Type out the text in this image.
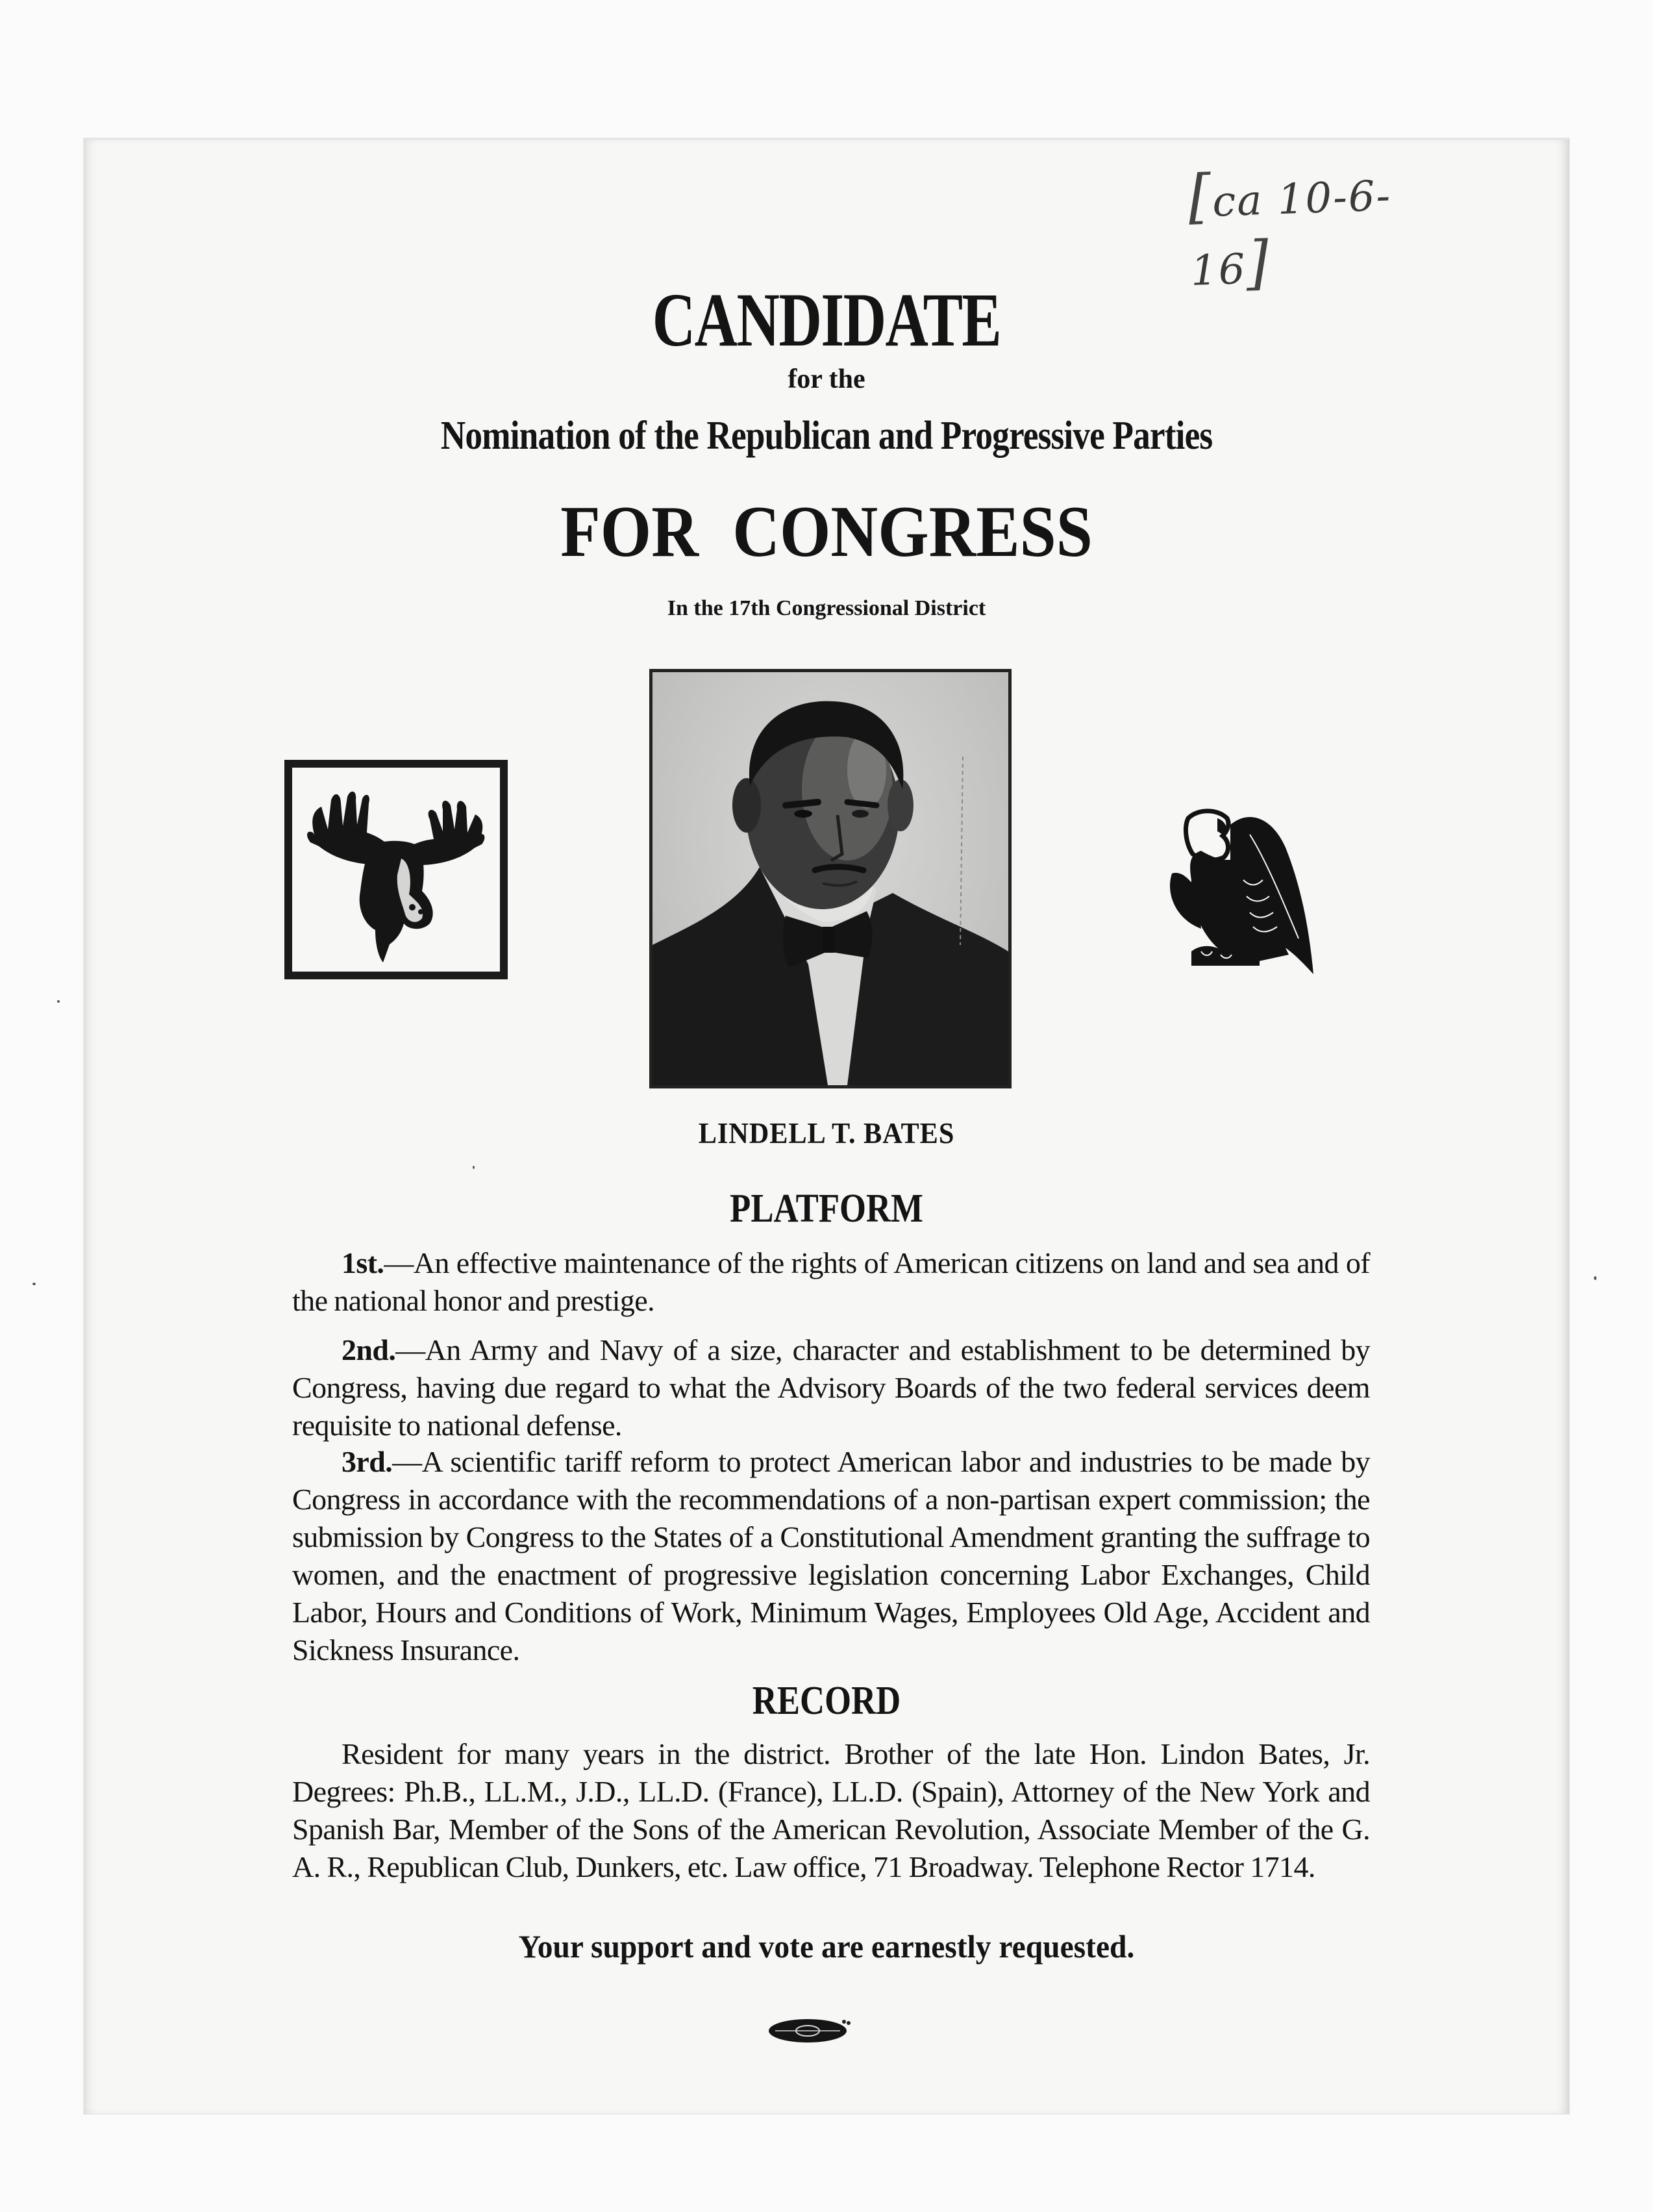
[ca 10-6-16]
CANDIDATE
for the
Nomination of the Republican and Progressive Parties
FOR CONGRESS
In the 17th Congressional District
LINDELL T. BATES
PLATFORM
1st.—An effective maintenance of the rights of American citizens on land and sea and of the national honor and prestige.
2nd.—An Army and Navy of a size, character and establishment to be determined by Congress, having due regard to what the Advisory Boards of the two federal services deem requisite to national defense.
3rd.—A scientific tariff reform to protect American labor and industries to be made by Congress in accordance with the recommendations of a non-partisan expert commission; the submission by Congress to the States of a Constitutional Amendment granting the suffrage to women, and the enactment of progressive legislation concerning Labor Exchanges, Child Labor, Hours and Conditions of Work, Minimum Wages, Employees Old Age, Accident and Sickness Insurance.
RECORD
Resident for many years in the district. Brother of the late Hon. Lindon Bates, Jr. Degrees: Ph.B., LL.M., J.D., LL.D. (France), LL.D. (Spain), Attorney of the New York and Spanish Bar, Member of the Sons of the American Revolution, Associate Member of the G. A. R., Republican Club, Dunkers, etc. Law office, 71 Broadway. Telephone Rector 1714.
Your support and vote are earnestly requested.
